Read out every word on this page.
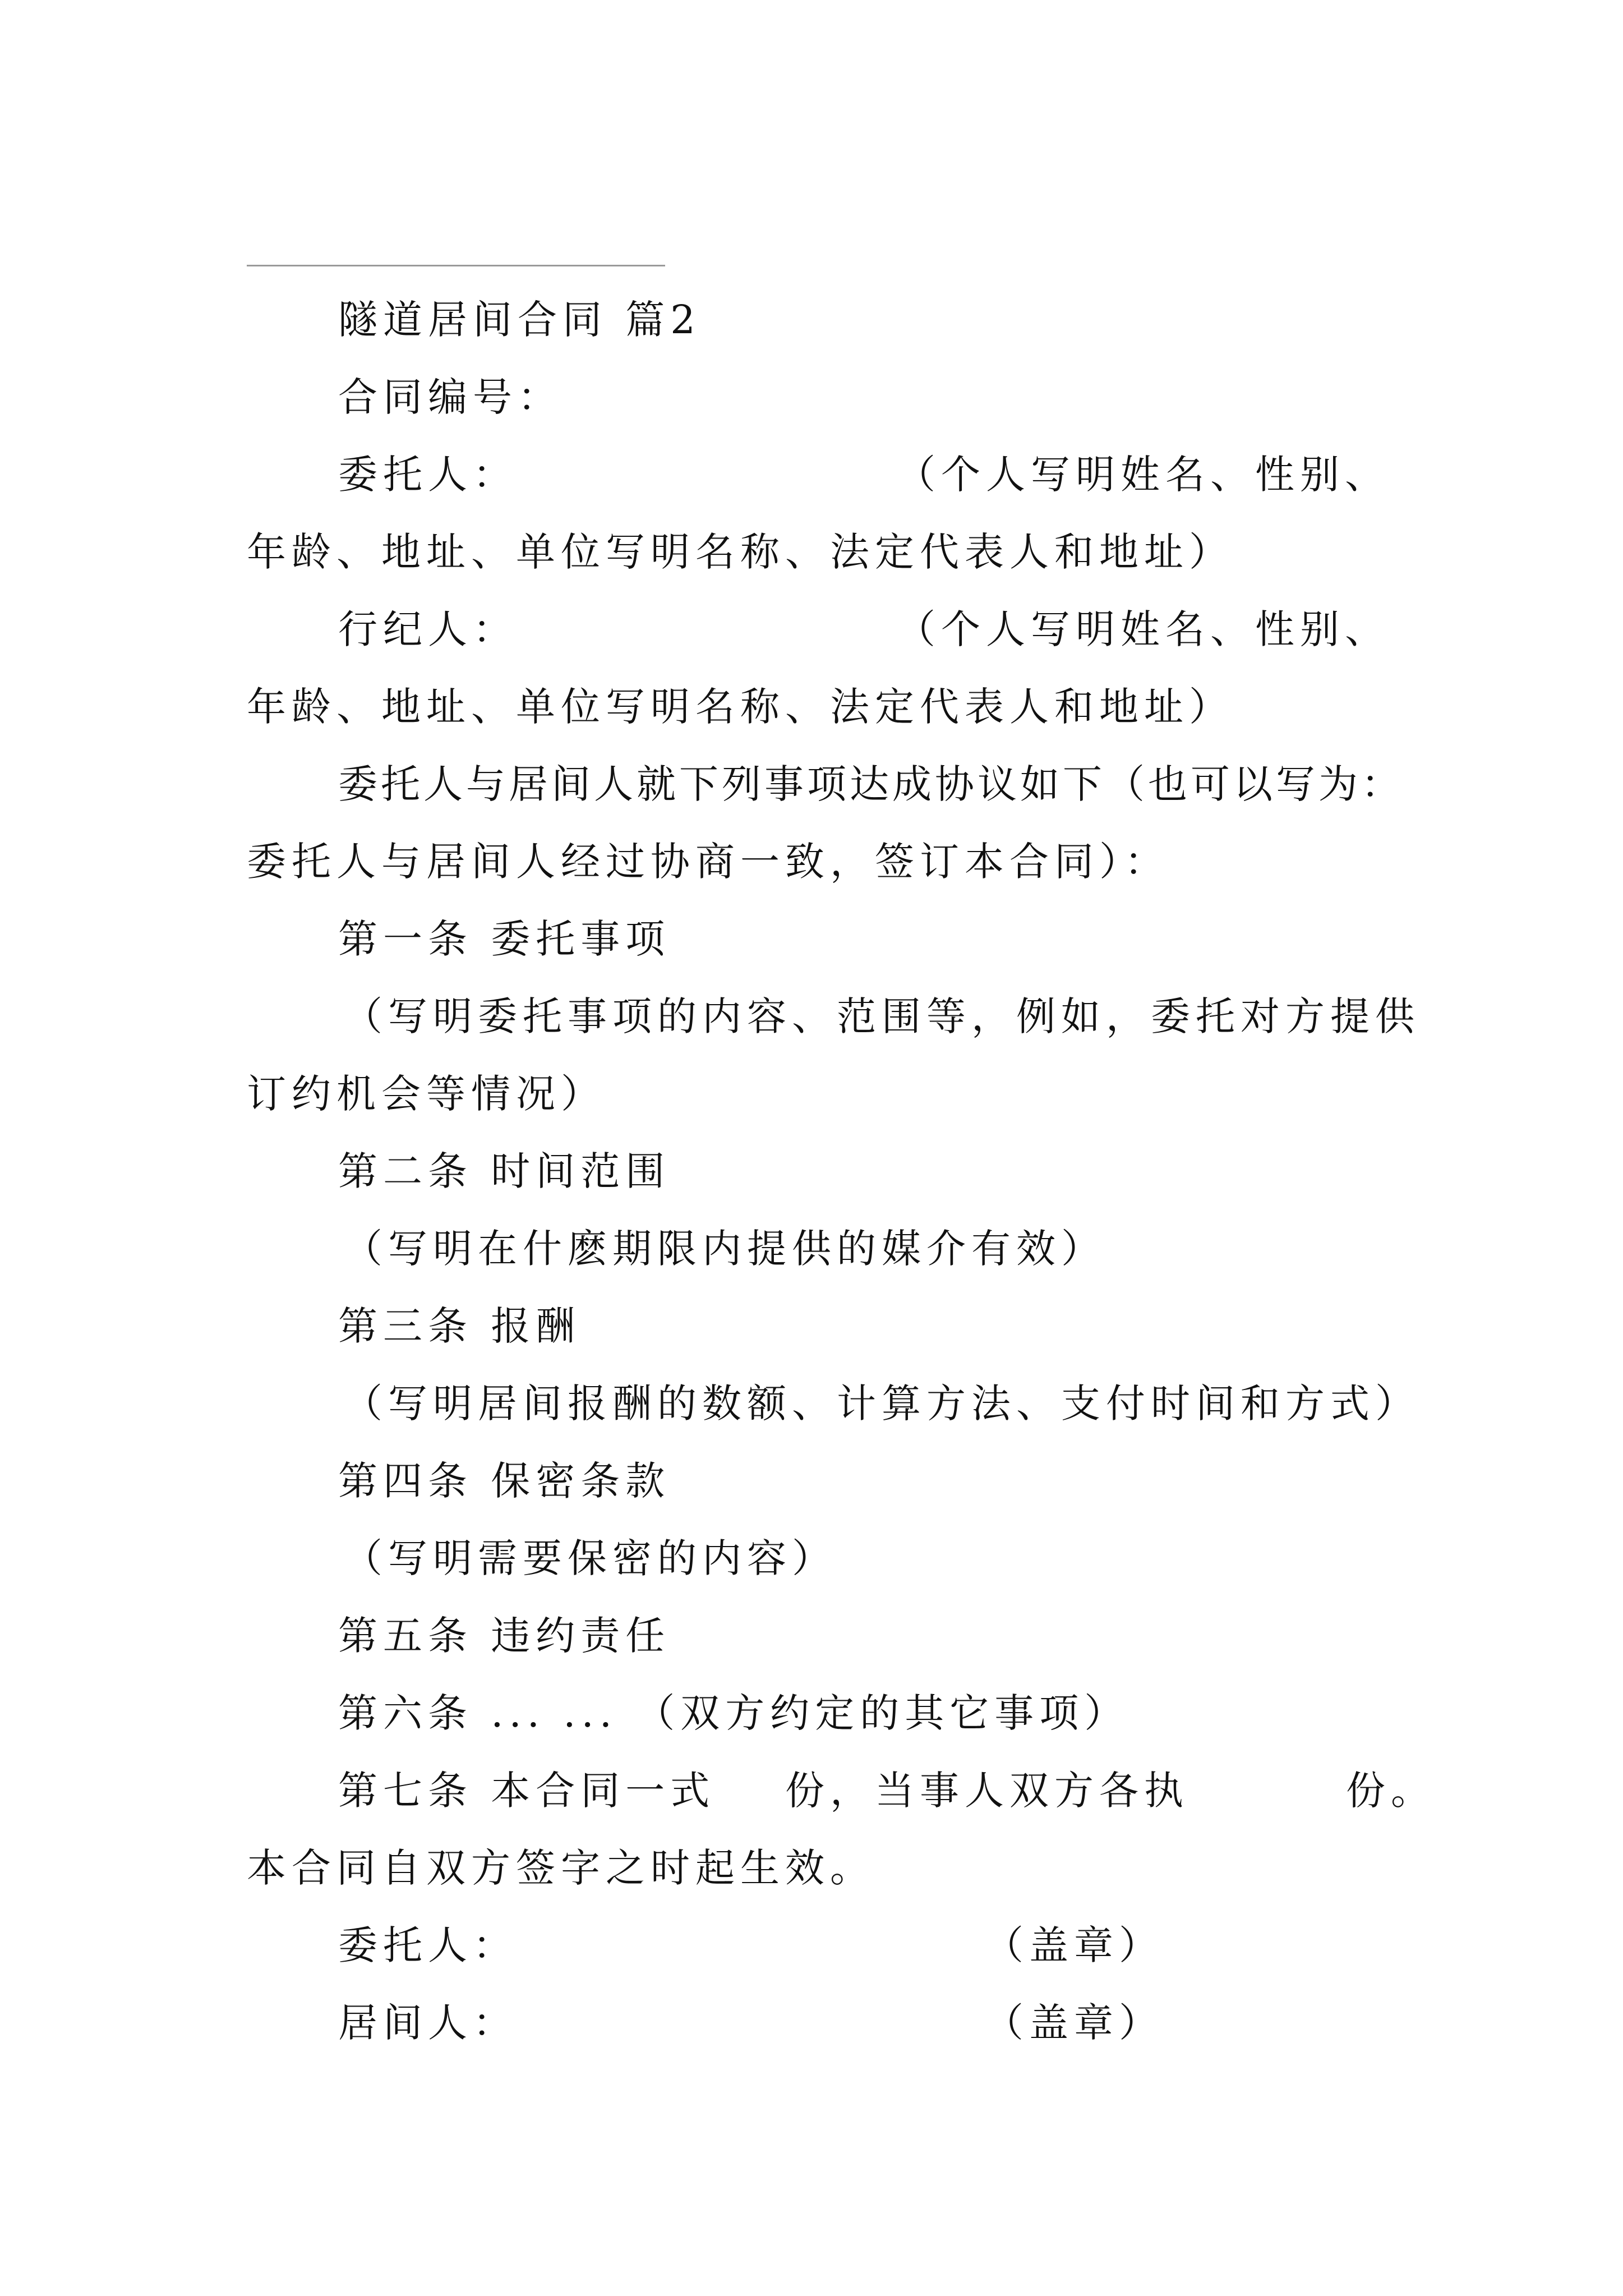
隧道居间合同 篇2
合同编号：
委托人：	（个人写明姓名、性别、
年龄、地址、单位写明名称、法定代表人和地址）
行纪人：	（个人写明姓名、性别、
年龄、地址、单位写明名称、法定代表人和地址）
委托人与居间人就下列事项达成协议如下（也可以写为：
委托人与居间人经过协商一致，签订本合同）：
第一条 委托事项
（写明委托事项的内容、范围等，例如，委托对方提供
订约机会等情况）
第二条 时间范围
（写明在什麽期限内提供的媒介有效）
第三条 报酬
（写明居间报酬的数额、计算方法、支付时间和方式）
第四条 保密条款
（写明需要保密的内容）
第五条 违约责任
第六条 ... ... （双方约定的其它事项）
第七条 本合同一式 份，当事人双方各执	份。
本合同自双方签字之时起生效。
委托人：	（盖章）
居间人：	（盖章）
